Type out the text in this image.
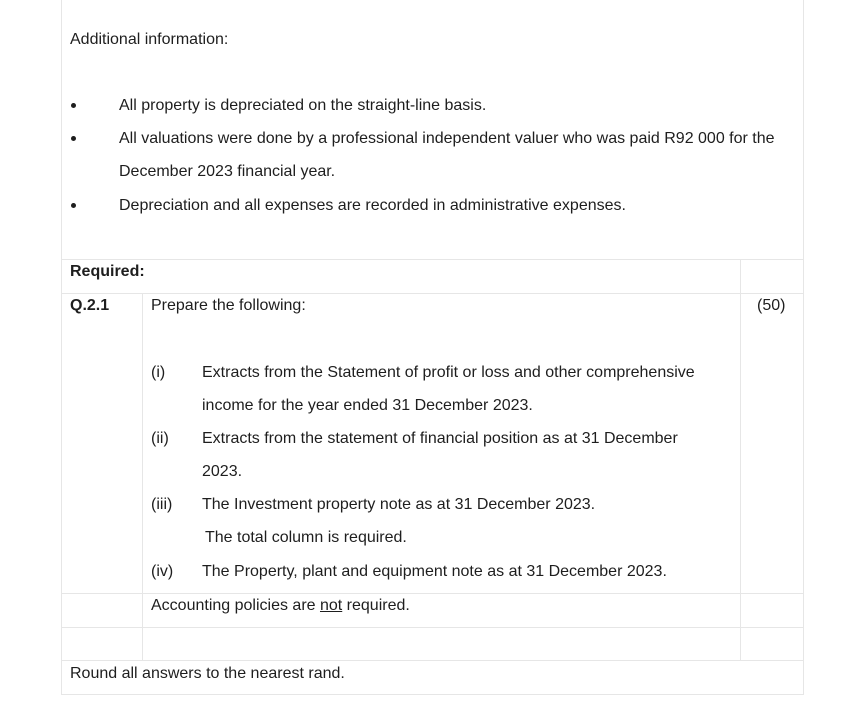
Additional information:
All property is depreciated on the straight-line basis.
All valuations were done by a professional independent valuer who was paid R92 000 for the
December 2023 financial year.
Depreciation and all expenses are recorded in administrative expenses.
Required:
Q.2.1	Prepare the following:	(50)
(i) Extracts from the Statement of profit or loss and other comprehensive
income for the year ended 31 December 2023.
(ii) Extracts from the statement of financial position as at 31 December
2023.
(iii) The Investment property note as at 31 December 2023.
The total column is required.
(iv) The Property, plant and equipment note as at 31 December 2023.
Accounting policies are not required.
Round all answers to the nearest rand.
